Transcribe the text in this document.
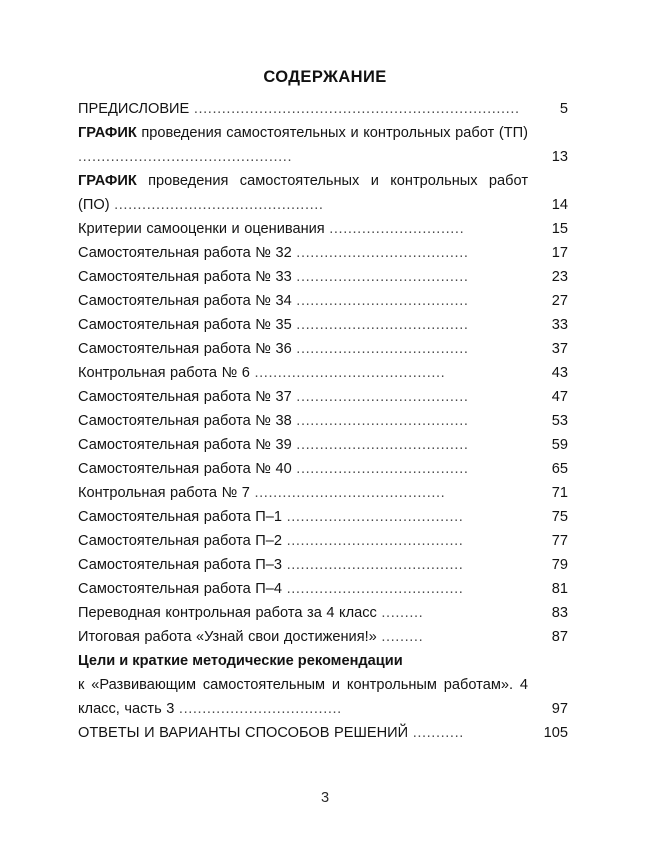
СОДЕРЖАНИЕ
ПРЕДИСЛОВИЕ ......................................................................	5
ГРАФИК проведения самостоятельных и контрольных работ (ТП) ..............................................	13
ГРАФИК проведения самостоятельных и контрольных работ (ПО) .............................................	14
Критерии самооценки и оценивания .............................	15
Самостоятельная работа № 32 .....................................	17
Самостоятельная работа № 33 .....................................	23
Самостоятельная работа № 34 .....................................	27
Самостоятельная работа № 35 .....................................	33
Самостоятельная работа № 36 .....................................	37
Контрольная работа № 6 .........................................	43
Самостоятельная работа № 37 .....................................	47
Самостоятельная работа № 38 .....................................	53
Самостоятельная работа № 39 .....................................	59
Самостоятельная работа № 40 .....................................	65
Контрольная работа № 7 .........................................	71
Самостоятельная работа П–1 ......................................	75
Самостоятельная работа П–2 ......................................	77
Самостоятельная работа П–3 ......................................	79
Самостоятельная работа П–4 ......................................	81
Переводная контрольная работа за 4 класс .........	83
Итоговая работа «Узнай свои достижения!» .........	87
Цели и краткие методические рекомендации
к «Развивающим самостоятельным и контрольным работам». 4 класс, часть 3 ...................................	97
ОТВЕТЫ И ВАРИАНТЫ СПОСОБОВ РЕШЕНИЙ ...........	105
3
